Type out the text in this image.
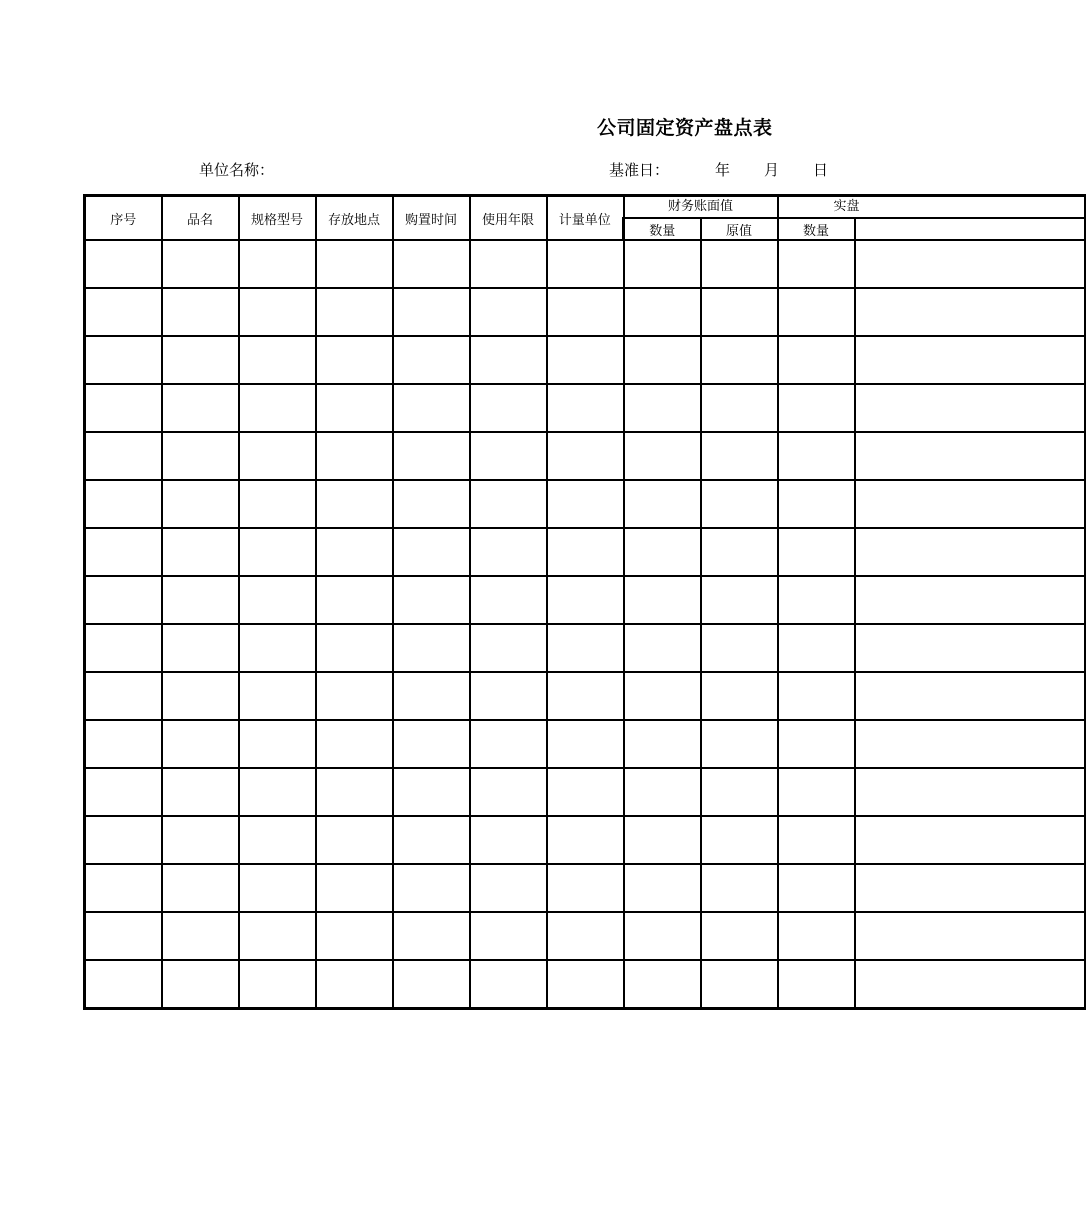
公司固定资产盘点表
单位名称：	基准日：	年 月 日
序号	品名	规格型号	存放地点	购置时间	使用年限	计量单位	财务账面值		实盘	
							数量	原值	数量	
